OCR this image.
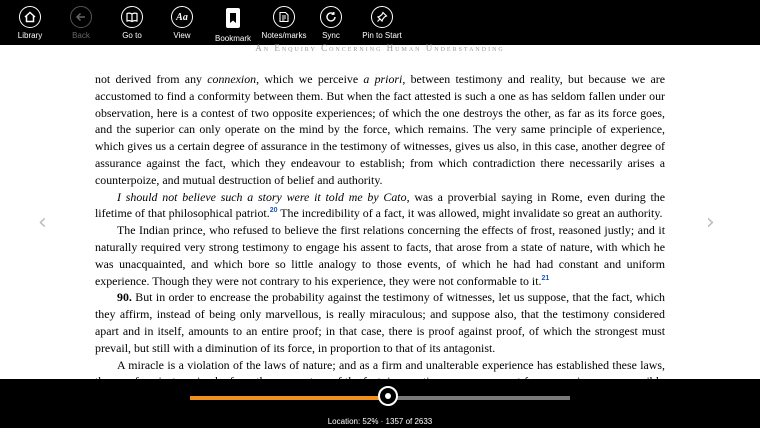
Library	Back	Go to
Aa
View	Bookmark	Notes/marks	Sync	Pin to Start
An Enquiry Concerning Human Understanding
‹	›

not derived from any connexion, which we perceive a priori, between testimony and reality, but because we are accustomed to find a conformity between them. But when the fact attested is such a one as has seldom fallen under our observation, here is a contest of two opposite experiences; of which the one destroys the other, as far as its force goes, and the superior can only operate on the mind by the force, which remains. The very same principle of experience, which gives us a certain degree of assurance in the testimony of witnesses, gives us also, in this case, another degree of assurance against the fact, which they endeavour to establish; from which contradiction there necessarily arises a counterpoize, and mutual destruction of belief and authority.

I should not believe such a story were it told me by Cato, was a proverbial saying in Rome, even during the lifetime of that philosophical patriot.$^{20}$ The incredibility of a fact, it was allowed, might invalidate so great an authority.

The Indian prince, who refused to believe the first relations concerning the effects of frost, reasoned justly; and it naturally required very strong testimony to engage his assent to facts, that arose from a state of nature, with which he was unacquainted, and which bore so little analogy to those events, of which he had had constant and uniform experience. Though they were not contrary to his experience, they were not conformable to it.$^{21}$

90. But in order to encrease the probability against the testimony of witnesses, let us suppose, that the fact, which they affirm, instead of being only marvellous, is really miraculous; and suppose also, that the testimony considered apart and in itself, amounts to an entire proof; in that case, there is proof against proof, of which the strongest must prevail, but still with a diminution of its force, in proportion to that of its antagonist.

A miracle is a violation of the laws of nature; and as a firm and unalterable experience has established these laws,

Location: 52% · 1357 of 2633
